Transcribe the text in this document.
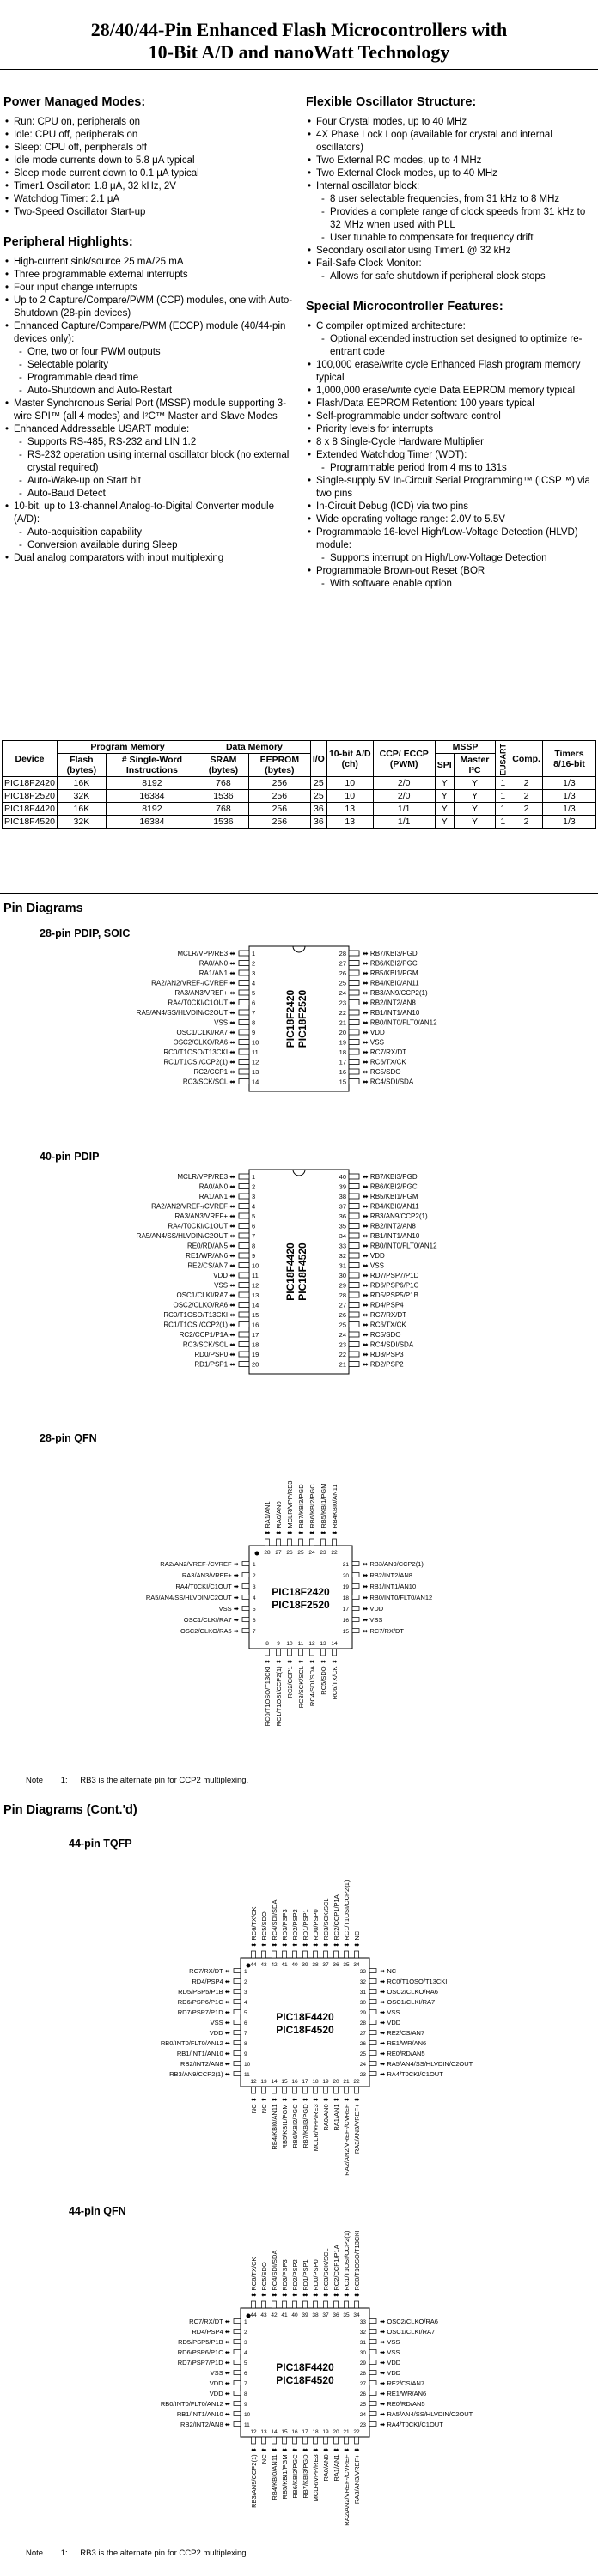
28/40/44-Pin Enhanced Flash Microcontrollers with
10-Bit A/D and nanoWatt Technology
Power Managed Modes:
• Run: CPU on, peripherals on
• Idle: CPU off, peripherals on
• Sleep: CPU off, peripherals off
• Idle mode currents down to 5.8 μA typical
• Sleep mode current down to 0.1 μA typical
• Timer1 Oscillator: 1.8 μA, 32 kHz, 2V
• Watchdog Timer: 2.1 μA
• Two-Speed Oscillator Start-up
Peripheral Highlights:
• High-current sink/source 25 mA/25 mA
• Three programmable external interrupts
• Four input change interrupts
• Up to 2 Capture/Compare/PWM (CCP) modules, one with Auto-Shutdown (28-pin devices)
• Enhanced Capture/Compare/PWM (ECCP) module (40/44-pin devices only):
- One, two or four PWM outputs
- Selectable polarity
- Programmable dead time
- Auto-Shutdown and Auto-Restart
• Master Synchronous Serial Port (MSSP) module supporting 3-wire SPI™ (all 4 modes) and I²C™ Master and Slave Modes
• Enhanced Addressable USART module:
- Supports RS-485, RS-232 and LIN 1.2
- RS-232 operation using internal oscillator block (no external crystal required)
- Auto-Wake-up on Start bit
- Auto-Baud Detect
• 10-bit, up to 13-channel Analog-to-Digital Converter module (A/D):
- Auto-acquisition capability
- Conversion available during Sleep
• Dual analog comparators with input multiplexing
Flexible Oscillator Structure:
• Four Crystal modes, up to 40 MHz
• 4X Phase Lock Loop (available for crystal and internal oscillators)
• Two External RC modes, up to 4 MHz
• Two External Clock modes, up to 40 MHz
• Internal oscillator block:
- 8 user selectable frequencies, from 31 kHz to 8 MHz
- Provides a complete range of clock speeds from 31 kHz to 32 MHz when used with PLL
- User tunable to compensate for frequency drift
• Secondary oscillator using Timer1 @ 32 kHz
• Fail-Safe Clock Monitor:
- Allows for safe shutdown if peripheral clock stops
Special Microcontroller Features:
• C compiler optimized architecture:
- Optional extended instruction set designed to optimize re-entrant code
• 100,000 erase/write cycle Enhanced Flash program memory typical
• 1,000,000 erase/write cycle Data EEPROM memory typical
• Flash/Data EEPROM Retention: 100 years typical
• Self-programmable under software control
• Priority levels for interrupts
• 8 x 8 Single-Cycle Hardware Multiplier
• Extended Watchdog Timer (WDT):
- Programmable period from 4 ms to 131s
• Single-supply 5V In-Circuit Serial Programming™ (ICSP™) via two pins
• In-Circuit Debug (ICD) via two pins
• Wide operating voltage range: 2.0V to 5.5V
• Programmable 16-level High/Low-Voltage Detection (HLVD) module:
- Supports interrupt on High/Low-Voltage Detection
• Programmable Brown-out Reset (BOR
- With software enable option
Device	Program Memory		Data Memory		I/O	10-bit A/D (ch)	CCP/ ECCP (PWM)	MSSP		EUSART	Comp.	Timers 8/16-bit
	Flash (bytes)	# Single-Word Instructions	SRAM (bytes)	EEPROM (bytes)				SPI	Master I²C			
PIC18F2420	16K	8192	768	256	25	10	2/0	Y	Y	1	2	1/3
PIC18F2520	32K	16384	1536	256	25	10	2/0	Y	Y	1	2	1/3
PIC18F4420	16K	8192	768	256	36	13	1/1	Y	Y	1	2	1/3
PIC18F4520	32K	16384	1536	256	36	13	1/1	Y	Y	1	2	1/3
Pin Diagrams
28-pin PDIP, SOIC
MCLR/VPP/RE3 ⬌	1
RA0/AN0 ⬌	2
RA1/AN1 ⬌	3
RA2/AN2/VREF-/CVREF ⬌	4
RA3/AN3/VREF+ ⬌	5
RA4/T0CKI/C1OUT ⬌	6
RA5/AN4/SS/HLVDIN/C2OUT ⬌	7
VSS ⬌	8
OSC1/CLKI/RA7 ⬌	9
OSC2/CLKO/RA6 ⬌	10
RC0/T1OSO/T13CKI ⬌	11
RC1/T1OSI/CCP2(1) ⬌	12
RC2/CCP1 ⬌	13
RC3/SCK/SCL ⬌	14
⬌ RB7/KBI3/PGD
28
⬌ RB6/KBI2/PGC
27
⬌ RB5/KBI1/PGM
26
⬌ RB4/KBI0/AN11
25
⬌ RB3/AN9/CCP2(1)
24
⬌ RB2/INT2/AN8
23
⬌ RB1/INT1/AN10
22
⬌ RB0/INT0/FLT0/AN12
21
⬌ VDD
20
⬌ VSS
19
⬌ RC7/RX/DT
18
⬌ RC6/TX/CK
17
⬌ RC5/SDO
16
⬌ RC4/SDI/SDA
15
PIC18F2420 PIC18F2520
40-pin PDIP
MCLR/VPP/RE3 ⬌	1
RA0/AN0 ⬌	2
RA1/AN1 ⬌	3
RA2/AN2/VREF-/CVREF ⬌	4
RA3/AN3/VREF+ ⬌	5
RA4/T0CKI/C1OUT ⬌	6
RA5/AN4/SS/HLVDIN/C2OUT ⬌	7
RE0/RD/AN5 ⬌	8
RE1/WR/AN6 ⬌	9
RE2/CS/AN7 ⬌	10
VDD ⬌	11
VSS ⬌	12
OSC1/CLKI/RA7 ⬌	13
OSC2/CLKO/RA6 ⬌	14
RC0/T1OSO/T13CKI ⬌	15
RC1/T1OSI/CCP2(1) ⬌	16
RC2/CCP1/P1A ⬌	17
RC3/SCK/SCL ⬌	18
RD0/PSP0 ⬌	19
RD1/PSP1 ⬌	20
⬌ RB7/KBI3/PGD
40
⬌ RB6/KBI2/PGC
39
⬌ RB5/KBI1/PGM
38
⬌ RB4/KBI0/AN11
37
⬌ RB3/AN9/CCP2(1)
36
⬌ RB2/INT2/AN8
35
⬌ RB1/INT1/AN10
34
⬌ RB0/INT0/FLT0/AN12
33
⬌ VDD
32
⬌ VSS
31
⬌ RD7/PSP7/P1D
30
⬌ RD6/PSP6/P1C
29
⬌ RD5/PSP5/P1B
28
⬌ RD4/PSP4
27
⬌ RC7/RX/DT
26
⬌ RC6/TX/CK
25
⬌ RC5/SDO
24
⬌ RC4/SDI/SDA
23
⬌ RD3/PSP3
22
⬌ RD2/PSP2
21
PIC18F4420 PIC18F4520
28-pin QFN
RA2/AN2/VREF-/CVREF ⬌ 1
RA3/AN3/VREF+ ⬌ 2
RA4/T0CKI/C1OUT ⬌ 3
RA5/AN4/SS/HLVDIN/C2OUT ⬌ 4
VSS ⬌ 5
OSC1/CLKI/RA7 ⬌ 6
OSC2/CLKO/RA6 ⬌ 7
⬌ RB3/AN9/CCP2(1)
21
⬌ RB2/INT2/AN8
20
⬌ RB1/INT1/AN10
19
⬌ RB0/INT0/FLT0/AN12
18
⬌ VDD
17
⬌ VSS
16
⬌ RC7/RX/DT
15
⬍ RA1/AN1
28
⬍ RA0/AN0
27
⬍ MCLR/VPP/RE3
26
⬍ RB7/KBI3/PGD
25
⬍ RB6/KBI2/PGC
24
⬍ RB5/KBI1/PGM
23
⬍ RB4KBI0/AN11
22
RC0/T1OSO/T13CKI ⬍
8
RC1/T1OSI/CCP2(1) ⬍
9
RC2/CCP1 ⬍
10
RC3/SCK/SCL ⬍
11
RC4/SDI/SDA ⬍
12
RC5/SDO ⬍
13
RC6/TX/CK ⬍
14
PIC18F2420
PIC18F2520
Note 1: RB3 is the alternate pin for CCP2 multiplexing.
Pin Diagrams (Cont.'d)
44-pin TQFP
RC7/RX/DT ⬌ 1
RD4/PSP4 ⬌ 2
RD5/PSP5/P1B ⬌ 3
RD6/PSP6/P1C ⬌ 4
RD7/PSP7/P1D ⬌ 5
VSS ⬌ 6
VDD ⬌ 7
RB0/INT0/FLT0/AN12 ⬌ 8
RB1/INT1/AN10 ⬌ 9
RB2/INT2/AN8 ⬌ 10
RB3/AN9/CCP2(1) ⬌ 11
⬌ NC
33
⬌ RC0/T1OSO/T13CKI
32
⬌ OSC2/CLKO/RA6
31
⬌ OSC1/CLKI/RA7
30
⬌ VSS
29
⬌ VDD
28
⬌ RE2/CS/AN7
27
⬌ RE1/WR/AN6
26
⬌ RE0/RD/AN5
25
⬌ RA5/AN4/SS/HLVDIN/C2OUT
24
⬌ RA4/T0CKI/C1OUT
23
⬍ RC6/TX/CK
44
⬍ RC5/SDO
43
⬍ RC4/SDI/SDA
42
⬍ RD3/PSP3
41
⬍ RD2/PSP2
40
⬍ RD1/PSP1
39
⬍ RD0/PSP0
38
⬍ RC3/SCK/SCL
37
⬍ RC2/CCP1/P1A
36
⬍ RC1/T1OSI/CCP2(1)
35
⬍ NC
34
NC ⬍
12
NC ⬍
13
RB4/KBI0/AN11 ⬍
14
RB5/KBI1/PGM ⬍
15
RB6/KBI2/PGC ⬍
16
RB7/KBI3/PGD ⬍
17
MCLR/VPP/RE3 ⬍
18
RA0/AN0 ⬍
19
RA1/AN1 ⬍
20
RA2/AN2/VREF-/CVREF ⬍
21
RA3/AN3/VREF+ ⬍
22
PIC18F4420
PIC18F4520
44-pin QFN
RC7/RX/DT ⬌ 1
RD4/PSP4 ⬌ 2
RD5/PSP5/P1B ⬌ 3
RD6/PSP6/P1C ⬌ 4
RD7/PSP7/P1D ⬌ 5
VSS ⬌ 6
VDD ⬌ 7
VDD ⬌ 8
RB0/INT0/FLT0/AN12 ⬌ 9
RB1/INT1/AN10 ⬌ 10
RB2/INT2/AN8 ⬌ 11
⬌ OSC2/CLKO/RA6
33
⬌ OSC1/CLKI/RA7
32
⬌ VSS
31
⬌ VSS
30
⬌ VDD
29
⬌ VDD
28
⬌ RE2/CS/AN7
27
⬌ RE1/WR/AN6
26
⬌ RE0/RD/AN5
25
⬌ RA5/AN4/SS/HLVDIN/C2OUT
24
⬌ RA4/T0CKI/C1OUT
23
⬍ RC6/TX/CK
44
⬍ RC5/SDO
43
⬍ RC4/SDI/SDA
42
⬍ RD3/PSP3
41
⬍ RD2/PSP2
40
⬍ RD1/PSP1
39
⬍ RD0/PSP0
38
⬍ RC3/SCK/SCL
37
⬍ RC2/CCP1/P1A
36
⬍ RC1/T1OSI/CCP2(1)
35
⬍ RC0/T1OSO/T13CKI
34
RB3/AN9/CCP2(1) ⬍
12
NC ⬍
13
RB4/KBI0/AN11 ⬍
14
RB5/KBI1/PGM ⬍
15
RB6/KBI2/PGC ⬍
16
RB7/KBI3/PGD ⬍
17
MCLR/VPP/RE3 ⬍
18
RA0/AN0 ⬍
19
RA1/AN1 ⬍
20
RA2/AN2/VREF-/CVREF ⬍
21
RA3/AN3/VREF+ ⬍
22
PIC18F4420
PIC18F4520
Note 1: RB3 is the alternate pin for CCP2 multiplexing.
